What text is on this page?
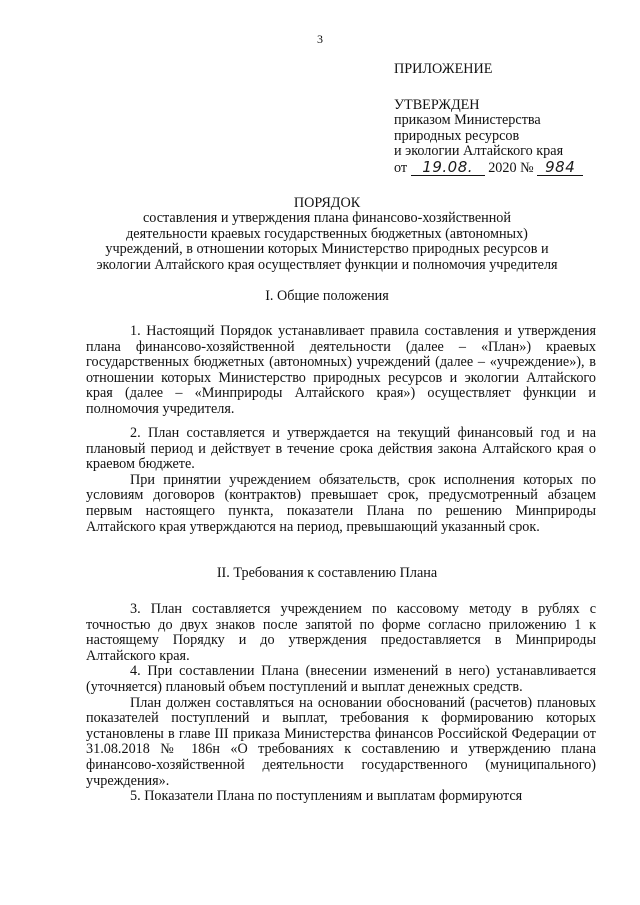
3
ПРИЛОЖЕНИЕ
УТВЕРЖДЕН
приказом Министерства
природных ресурсов
и экологии Алтайского края
от 19.08. 2020 № 984
ПОРЯДОК
составления и утверждения плана финансово-хозяйственной
деятельности краевых государственных бюджетных (автономных)
учреждений, в отношении которых Министерство природных ресурсов и
экологии Алтайского края осуществляет функции и полномочия учредителя
I. Общие положения

1. Настоящий Порядок устанавливает правила составления и утверждения плана финансово-хозяйственной деятельности (далее – «План») краевых государственных бюджетных (автономных) учреждений (далее – «учреждение»), в отношении которых Министерство природных ресурсов и экологии Алтайского края (далее – «Минприроды Алтайского края») осуществляет функции и полномочия учредителя.

2. План составляется и утверждается на текущий финансовый год и на плановый период и действует в течение срока действия закона Алтайского края о краевом бюджете.

При принятии учреждением обязательств, срок исполнения которых по условиям договоров (контрактов) превышает срок, предусмотренный абзацем первым настоящего пункта, показатели Плана по решению Минприроды Алтайского края утверждаются на период, превышающий указанный срок.

II. Требования к составлению Плана

3. План составляется учреждением по кассовому методу в рублях с точностью до двух знаков после запятой по форме согласно приложению 1 к настоящему Порядку и до утверждения предоставляется в Минприроды Алтайского края.

4. При составлении Плана (внесении изменений в него) устанавливается (уточняется) плановый объем поступлений и выплат денежных средств.

План должен составляться на основании обоснований (расчетов) плановых показателей поступлений и выплат, требования к формированию которых установлены в главе III приказа Министерства финансов Российской Федерации от 31.08.2018 № 186н «О требованиях к составлению и утверждению плана финансово-хозяйственной деятельности государственного (муниципального) учреждения».

5. Показатели Плана по поступлениям и выплатам формируются
